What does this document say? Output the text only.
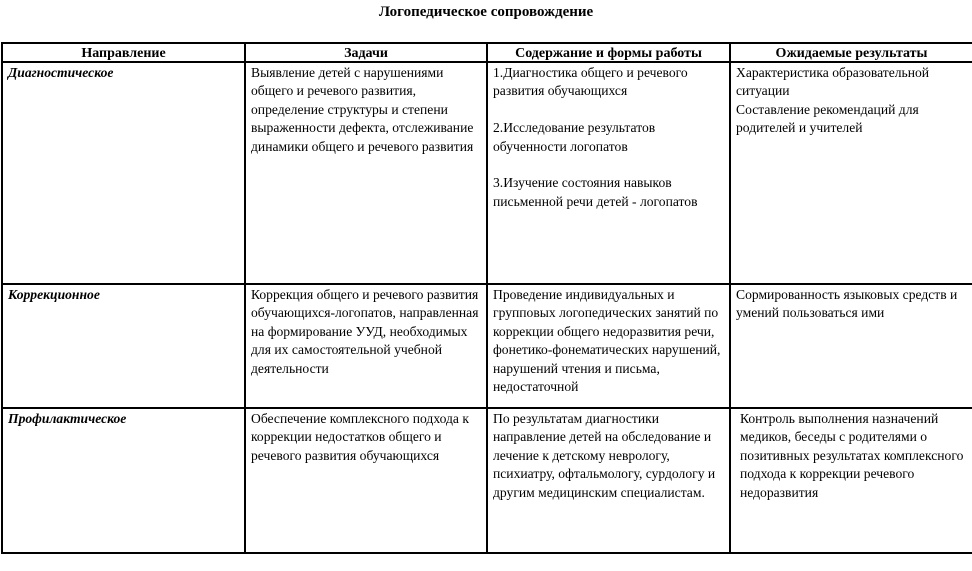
Логопедическое сопровождение
Направление	Задачи	Содержание и формы работы	Ожидаемые результаты
Диагностическое	Выявление детей с нарушениями общего и речевого развития, определение структуры и степени выраженности дефекта, отслеживание динамики общего и речевого развития	1.Диагностика общего и речевого развития обучающихся
2.Исследование результатов обученности логопатов
3.Изучение состояния навыков письменной речи детей - логопатов	Характеристика образовательной ситуации
Составление рекомендаций для родителей и учителей

Коррекционное	Коррекция общего и речевого развития обучающихся-логопатов, направленная на формирование УУД, необходимых для их самостоятельной учебной деятельности	Проведение индивидуальных и групповых логопедических занятий по коррекции общего недоразвития речи, фонетико-фонематических нарушений, нарушений чтения и письма, недостаточной	Сормированность языковых средств и умений пользоваться ими

Профилактическое	Обеспечение комплексного подхода к коррекции недостатков общего и речевого развития обучающихся	По результатам диагностики направление детей на обследование и лечение к детскому неврологу, психиатру, офтальмологу, сурдологу и другим медицинским специалистам.	Контроль выполнения назначений медиков, беседы с родителями о позитивных результатах комплексного подхода к коррекции речевого недоразвития
